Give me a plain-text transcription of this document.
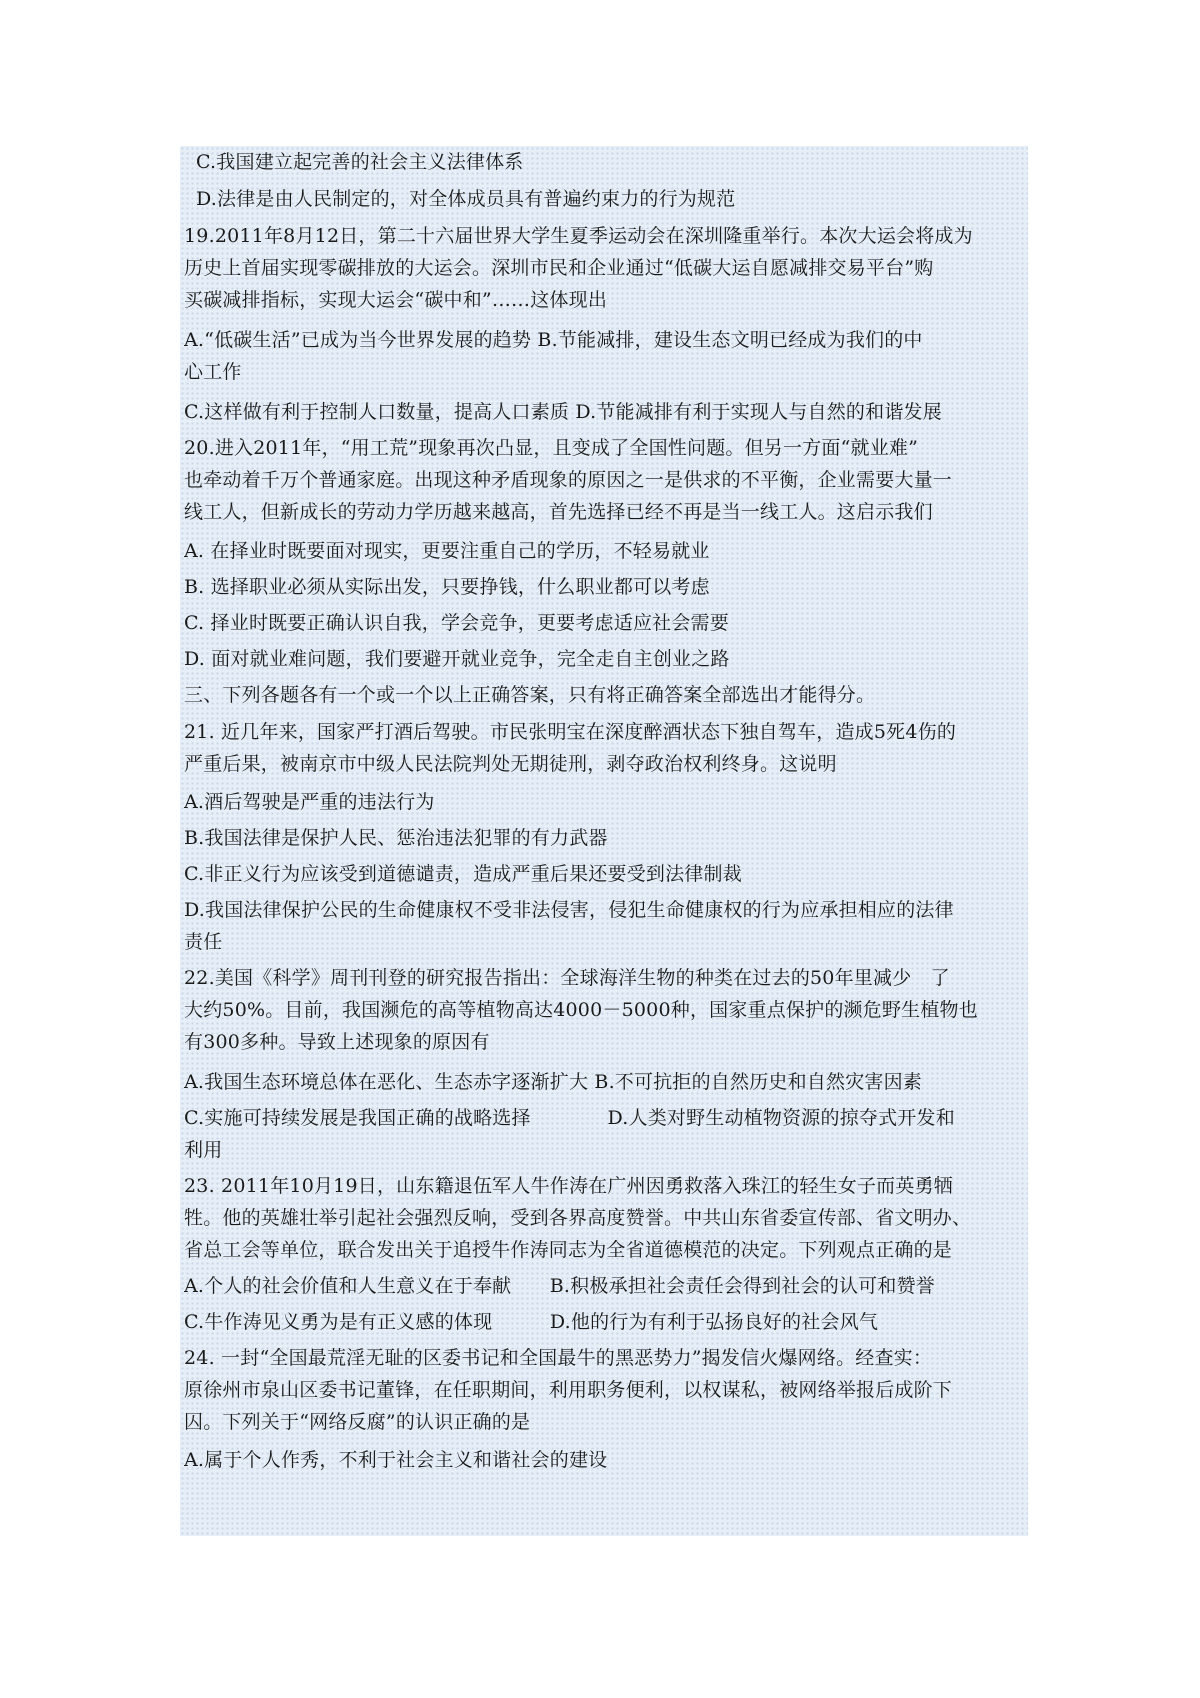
C.我国建立起完善的社会主义法律体系
D.法律是由人民制定的，对全体成员具有普遍约束力的行为规范
19.2011年8月12日，第二十六届世界大学生夏季运动会在深圳隆重举行。本次大运会将成为
历史上首届实现零碳排放的大运会。深圳市民和企业通过“低碳大运自愿减排交易平台”购
买碳减排指标，实现大运会“碳中和”……这体现出
A.“低碳生活”已成为当今世界发展的趋势 B.节能减排，建设生态文明已经成为我们的中
心工作
C.这样做有利于控制人口数量，提高人口素质 D.节能减排有利于实现人与自然的和谐发展
20.进入2011年，“用工荒”现象再次凸显，且变成了全国性问题。但另一方面“就业难”
也牵动着千万个普通家庭。出现这种矛盾现象的原因之一是供求的不平衡，企业需要大量一
线工人，但新成长的劳动力学历越来越高，首先选择已经不再是当一线工人。这启示我们
A. 在择业时既要面对现实，更要注重自己的学历，不轻易就业
B. 选择职业必须从实际出发，只要挣钱，什么职业都可以考虑
C. 择业时既要正确认识自我，学会竞争，更要考虑适应社会需要
D. 面对就业难问题，我们要避开就业竞争，完全走自主创业之路
三、下列各题各有一个或一个以上正确答案，只有将正确答案全部选出才能得分。
21. 近几年来，国家严打酒后驾驶。市民张明宝在深度醉酒状态下独自驾车，造成5死4伤的
严重后果，被南京市中级人民法院判处无期徒刑，剥夺政治权利终身。这说明
A.酒后驾驶是严重的违法行为
B.我国法律是保护人民、惩治违法犯罪的有力武器
C.非正义行为应该受到道德谴责，造成严重后果还要受到法律制裁
D.我国法律保护公民的生命健康权不受非法侵害，侵犯生命健康权的行为应承担相应的法律
责任
22.美国《科学》周刊刊登的研究报告指出：全球海洋生物的种类在过去的50年里减少　了
大约50%。目前，我国濒危的高等植物高达4000－5000种，国家重点保护的濒危野生植物也
有300多种。导致上述现象的原因有
A.我国生态环境总体在恶化、生态赤字逐渐扩大 B.不可抗拒的自然历史和自然灾害因素
C.实施可持续发展是我国正确的战略选择　　　　D.人类对野生动植物资源的掠夺式开发和
利用
23. 2011年10月19日，山东籍退伍军人牛作涛在广州因勇救落入珠江的轻生女子而英勇牺
牲。他的英雄壮举引起社会强烈反响，受到各界高度赞誉。中共山东省委宣传部、省文明办、
省总工会等单位，联合发出关于追授牛作涛同志为全省道德模范的决定。下列观点正确的是
A.个人的社会价值和人生意义在于奉献　　B.积极承担社会责任会得到社会的认可和赞誉
C.牛作涛见义勇为是有正义感的体现　　　D.他的行为有利于弘扬良好的社会风气
24. 一封“全国最荒淫无耻的区委书记和全国最牛的黑恶势力”揭发信火爆网络。经查实：
原徐州市泉山区委书记董锋，在任职期间，利用职务便利，以权谋私，被网络举报后成阶下
囚。下列关于“网络反腐”的认识正确的是
A.属于个人作秀，不利于社会主义和谐社会的建设
